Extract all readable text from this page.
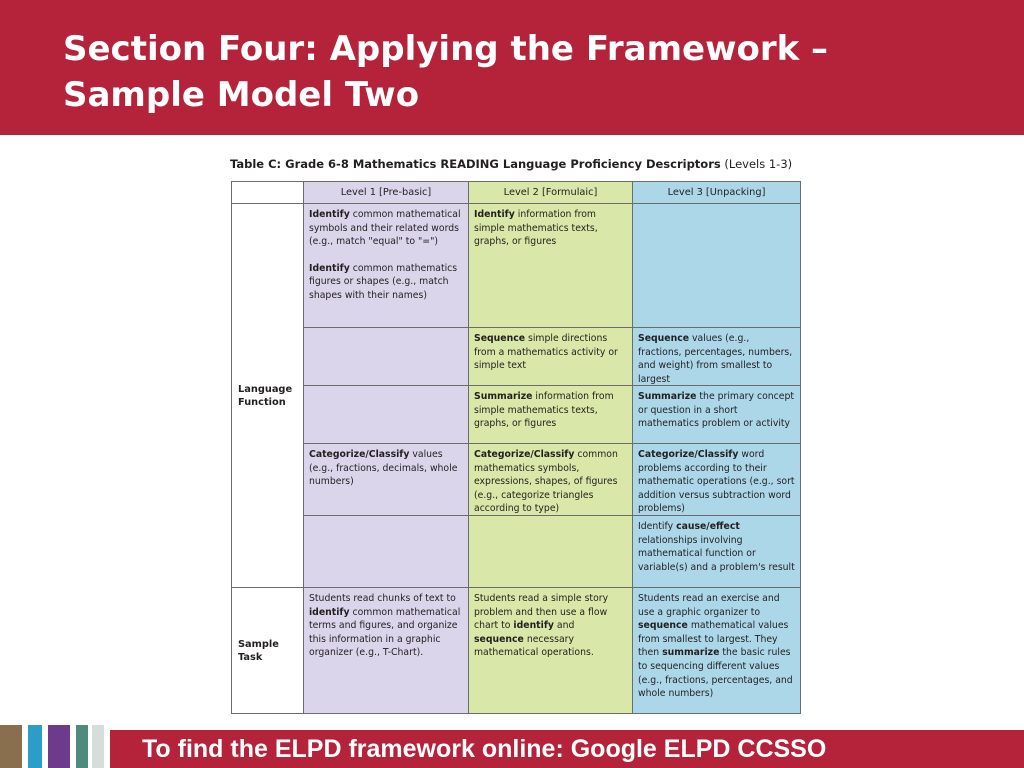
Section Four: Applying the Framework –
Sample Model Two
Table C: Grade 6-8 Mathematics READING Language Proficiency Descriptors (Levels 1-3)
Level 1 [Pre-basic]	Level 2 [Formulaic]	Level 3 [Unpacking]
Language Function
Identify common mathematical symbols and their related words (e.g., match "equal" to "=")
Identify common mathematics figures or shapes (e.g., match shapes with their names)
Identify information from simple mathematics texts, graphs, or figures
Sequence simple directions from a mathematics activity or simple text
Sequence values (e.g., fractions, percentages, numbers, and weight) from smallest to largest
Summarize information from simple mathematics texts, graphs, or figures
Summarize the primary concept or question in a short mathematics problem or activity
Categorize/Classify values (e.g., fractions, decimals, whole numbers)
Categorize/Classify common mathematics symbols, expressions, shapes, of figures (e.g., categorize triangles according to type)
Categorize/Classify word problems according to their mathematic operations (e.g., sort addition versus subtraction word problems)
Identify cause/effect relationships involving mathematical function or variable(s) and a problem's result
Sample Task
Students read chunks of text to identify common mathematical terms and figures, and organize this information in a graphic organizer (e.g., T-Chart).
Students read a simple story problem and then use a flow chart to identify and sequence necessary mathematical operations.
Students read an exercise and use a graphic organizer to sequence mathematical values from smallest to largest. They then summarize the basic rules to sequencing different values (e.g., fractions, percentages, and whole numbers)
To find the ELPD framework online: Google ELPD CCSSO
